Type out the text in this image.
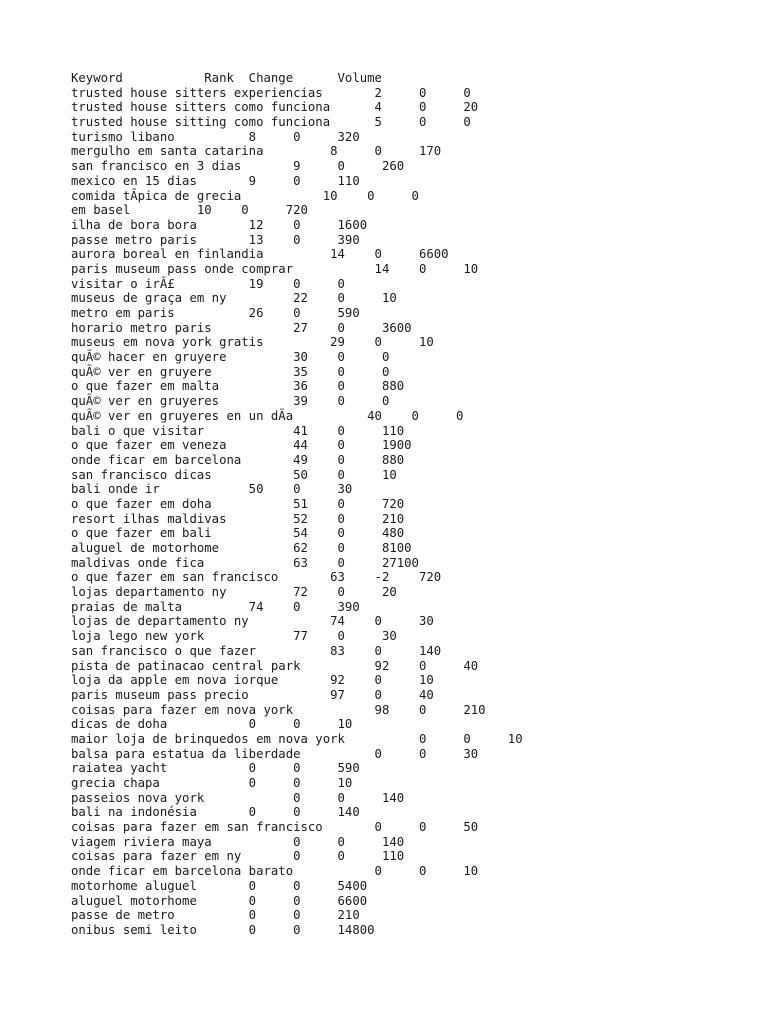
Keyword           Rank  Change      Volume
trusted house sitters experiencias       2     0     0
trusted house sitters como funciona      4     0     20
trusted house sitting como funciona      5     0     0
turismo libano          8     0     320
mergulho em santa catarina         8     0     170
san francisco en 3 dias       9     0     260
mexico en 15 dias       9     0     110
comida tÃpica de grecia           10    0     0
em basel         10    0     720
ilha de bora bora       12    0     1600
passe metro paris       13    0     390
aurora boreal en finlandia         14    0     6600
paris museum pass onde comprar           14    0     10
visitar o irÃ£          19    0     0
museus de graça em ny         22    0     10
metro em paris          26    0     590
horario metro paris           27    0     3600
museus em nova york gratis         29    0     10
quÃ© hacer en gruyere         30    0     0
quÃ© ver en gruyere           35    0     0
o que fazer em malta          36    0     880
quÃ© ver en gruyeres          39    0     0
quÃ© ver en gruyeres en un dÃa          40    0     0
bali o que visitar            41    0     110
o que fazer em veneza         44    0     1900
onde ficar em barcelona       49    0     880
san francisco dicas           50    0     10
bali onde ir            50    0     30
o que fazer em doha           51    0     720
resort ilhas maldivas         52    0     210
o que fazer em bali           54    0     480
aluguel de motorhome          62    0     8100
maldivas onde fica            63    0     27100
o que fazer em san francisco       63    -2    720
lojas departamento ny         72    0     20
praias de malta         74    0     390
lojas de departamento ny           74    0     30
loja lego new york            77    0     30
san francisco o que fazer          83    0     140
pista de patinacao central park          92    0     40
loja da apple em nova iorque       92    0     10
paris museum pass precio           97    0     40
coisas para fazer em nova york           98    0     210
dicas de doha           0     0     10
maior loja de brinquedos em nova york          0     0     10
balsa para estatua da liberdade          0     0     30
raiatea yacht           0     0     590
grecia chapa            0     0     10
passeios nova york            0     0     140
bali na indonésia       0     0     140
coisas para fazer em san francisco       0     0     50
viagem riviera maya           0     0     140
coisas para fazer em ny       0     0     110
onde ficar em barcelona barato           0     0     10
motorhome aluguel       0     0     5400
aluguel motorhome       0     0     6600
passe de metro          0     0     210
onibus semi leito       0     0     14800
